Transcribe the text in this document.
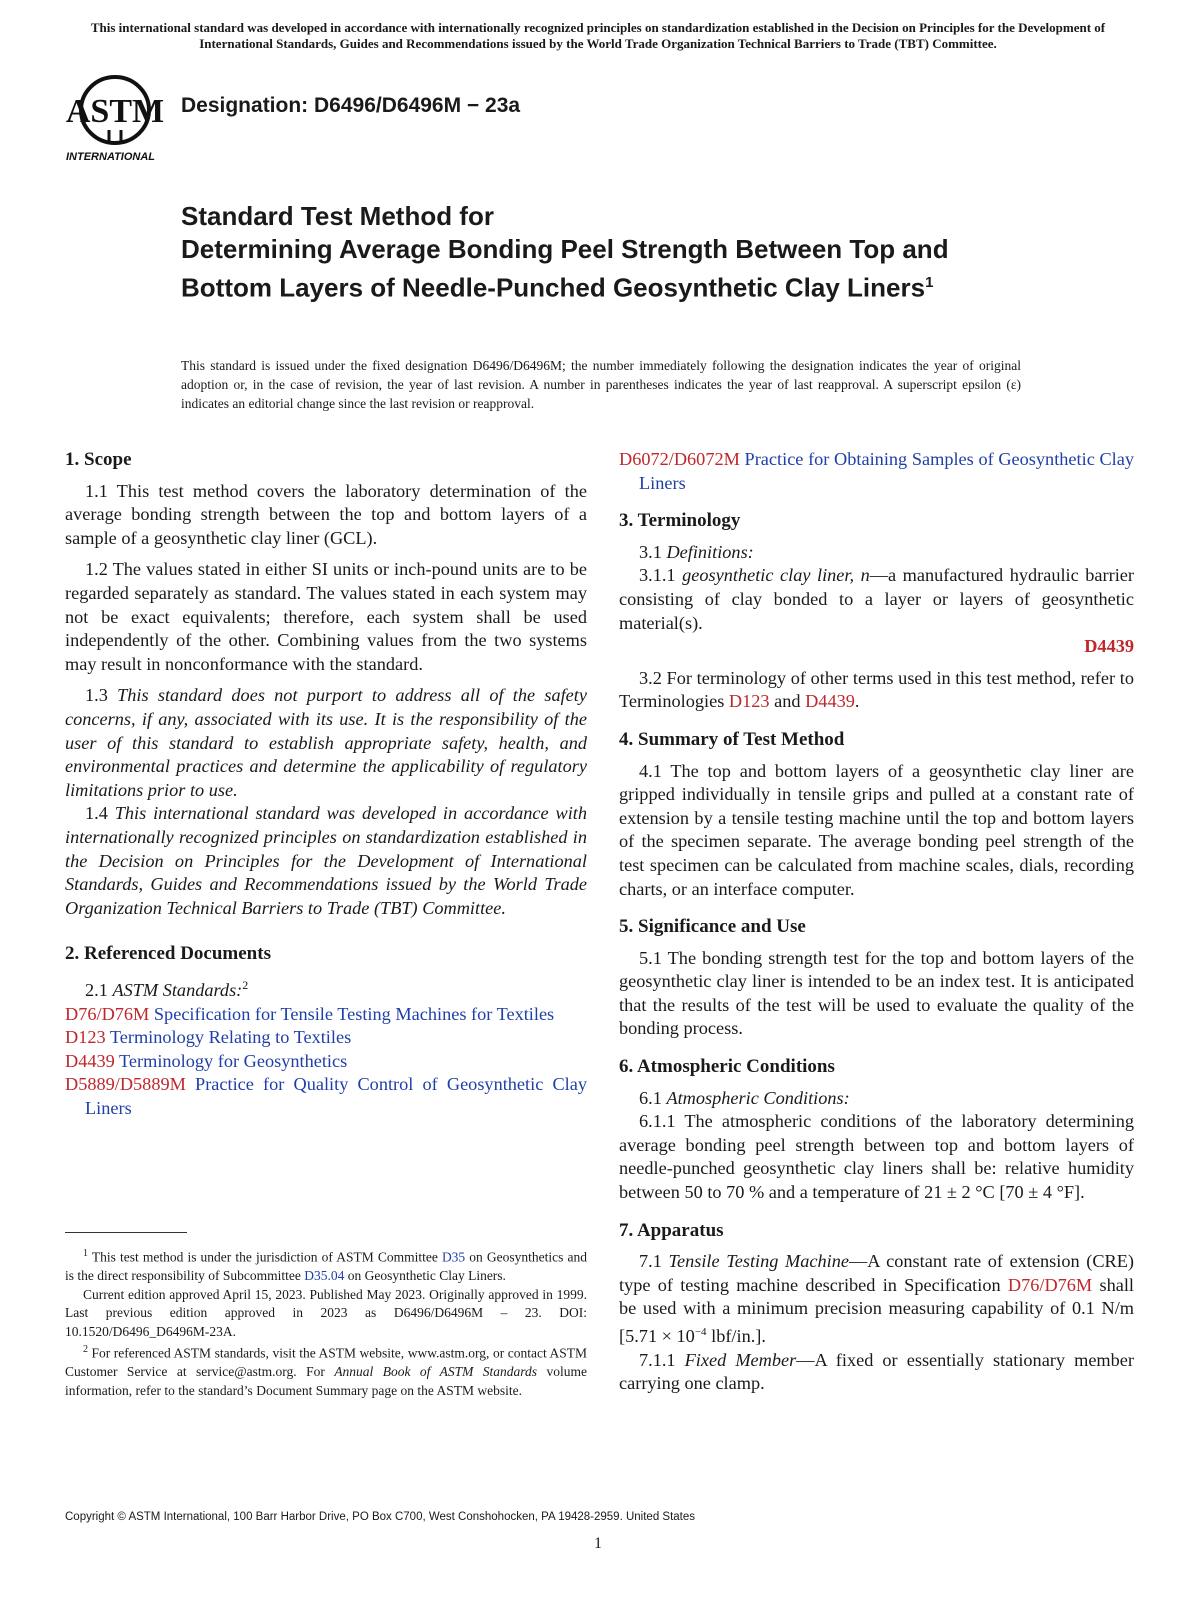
This international standard was developed in accordance with internationally recognized principles on standardization established in the Decision on Principles for the Development of International Standards, Guides and Recommendations issued by the World Trade Organization Technical Barriers to Trade (TBT) Committee.
ASTM
INTERNATIONAL
Designation: D6496/D6496M − 23a
Standard Test Method for
Determining Average Bonding Peel Strength Between Top and Bottom Layers of Needle-Punched Geosynthetic Clay Liners$^1$
This standard is issued under the fixed designation D6496/D6496M; the number immediately following the designation indicates the year of original adoption or, in the case of revision, the year of last revision. A number in parentheses indicates the year of last reapproval. A superscript epsilon (ε) indicates an editorial change since the last revision or reapproval.

1. Scope

1.1 This test method covers the laboratory determination of the average bonding strength between the top and bottom layers of a sample of a geosynthetic clay liner (GCL).

1.2 The values stated in either SI units or inch-pound units are to be regarded separately as standard. The values stated in each system may not be exact equivalents; therefore, each system shall be used independently of the other. Combining values from the two systems may result in nonconformance with the standard.

1.3 This standard does not purport to address all of the safety concerns, if any, associated with its use. It is the responsibility of the user of this standard to establish appropriate safety, health, and environmental practices and determine the applicability of regulatory limitations prior to use.

1.4 This international standard was developed in accordance with internationally recognized principles on standardization established in the Decision on Principles for the Development of International Standards, Guides and Recommendations issued by the World Trade Organization Technical Barriers to Trade (TBT) Committee.

2. Referenced Documents

2.1 ASTM Standards:$^2$

D76/D76M Specification for Tensile Testing Machines for Textiles

D123 Terminology Relating to Textiles

D4439 Terminology for Geosynthetics

D5889/D5889M Practice for Quality Control of Geosynthetic Clay Liners

$^1$ This test method is under the jurisdiction of ASTM Committee D35 on Geosynthetics and is the direct responsibility of Subcommittee D35.04 on Geosynthetic Clay Liners.

Current edition approved April 15, 2023. Published May 2023. Originally approved in 1999. Last previous edition approved in 2023 as D6496/D6496M – 23. DOI: 10.1520/D6496_D6496M-23A.

$^2$ For referenced ASTM standards, visit the ASTM website, www.astm.org, or contact ASTM Customer Service at service@astm.org. For Annual Book of ASTM Standards volume information, refer to the standard’s Document Summary page on the ASTM website.

D6072/D6072M Practice for Obtaining Samples of Geosynthetic Clay Liners

3. Terminology

3.1 Definitions:

3.1.1 geosynthetic clay liner, n—a manufactured hydraulic barrier consisting of clay bonded to a layer or layers of geosynthetic material(s).
D4439

3.2 For terminology of other terms used in this test method, refer to Terminologies D123 and D4439.

4. Summary of Test Method

4.1 The top and bottom layers of a geosynthetic clay liner are gripped individually in tensile grips and pulled at a constant rate of extension by a tensile testing machine until the top and bottom layers of the specimen separate. The average bonding peel strength of the test specimen can be calculated from machine scales, dials, recording charts, or an interface computer.

5. Significance and Use

5.1 The bonding strength test for the top and bottom layers of the geosynthetic clay liner is intended to be an index test. It is anticipated that the results of the test will be used to evaluate the quality of the bonding process.

6. Atmospheric Conditions

6.1 Atmospheric Conditions:

6.1.1 The atmospheric conditions of the laboratory determining average bonding peel strength between top and bottom layers of needle-punched geosynthetic clay liners shall be: relative humidity between 50 to 70 % and a temperature of 21 ± 2 °C [70 ± 4 °F].

7. Apparatus

7.1 Tensile Testing Machine—A constant rate of extension (CRE) type of testing machine described in Specification D76/D76M shall be used with a minimum precision measuring capability of 0.1 N/m [$5.71 \times 10^{-4}$ lbf/in.].

7.1.1 Fixed Member—A fixed or essentially stationary member carrying one clamp.

Copyright © ASTM International, 100 Barr Harbor Drive, PO Box C700, West Conshohocken, PA 19428-2959. United States
1
